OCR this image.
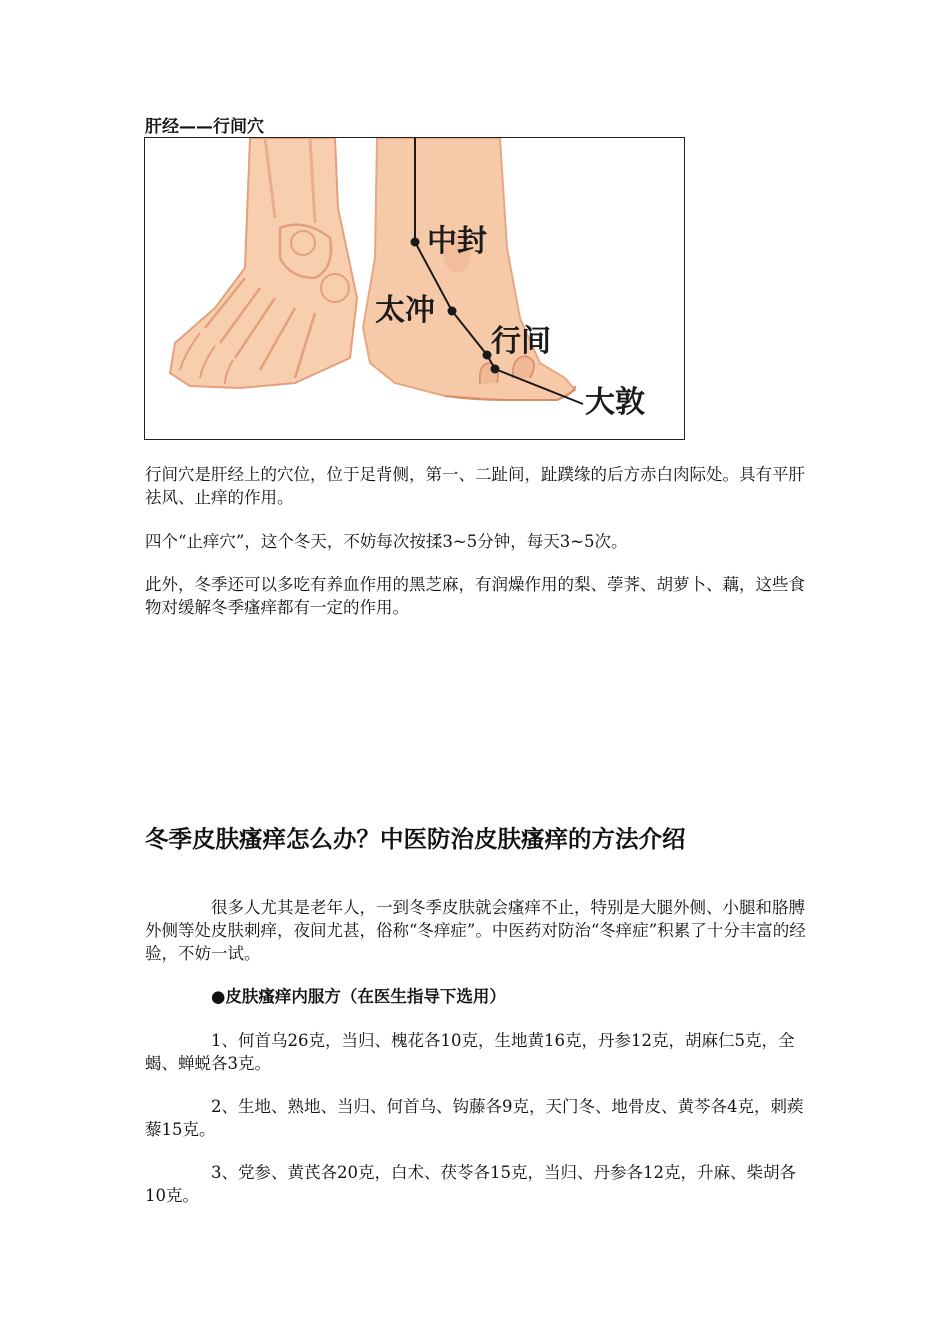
肝经——行间穴
中封
太冲
行间
大敦

行间穴是肝经上的穴位，位于足背侧，第一、二趾间，趾蹼缘的后方赤白肉际处。具有平肝祛风、止痒的作用。

四个“止痒穴”，这个冬天，不妨每次按揉3~5分钟，每天3~5次。

此外，冬季还可以多吃有养血作用的黑芝麻，有润燥作用的梨、荸荠、胡萝卜、藕，这些食物对缓解冬季瘙痒都有一定的作用。

冬季皮肤瘙痒怎么办？中医防治皮肤瘙痒的方法介绍

很多人尤其是老年人，一到冬季皮肤就会瘙痒不止，特别是大腿外侧、小腿和胳膊外侧等处皮肤刺痒，夜间尤甚，俗称“冬痒症”。中医药对防治“冬痒症”积累了十分丰富的经验，不妨一试。

●皮肤瘙痒内服方（在医生指导下选用）

1、何首乌26克，当归、槐花各10克，生地黄16克，丹参12克，胡麻仁5克，全蝎、蝉蜕各3克。

2、生地、熟地、当归、何首乌、钩藤各9克，天门冬、地骨皮、黄芩各4克，刺蒺藜15克。

3、党参、黄芪各20克，白术、茯苓各15克，当归、丹参各12克，升麻、柴胡各10克。
